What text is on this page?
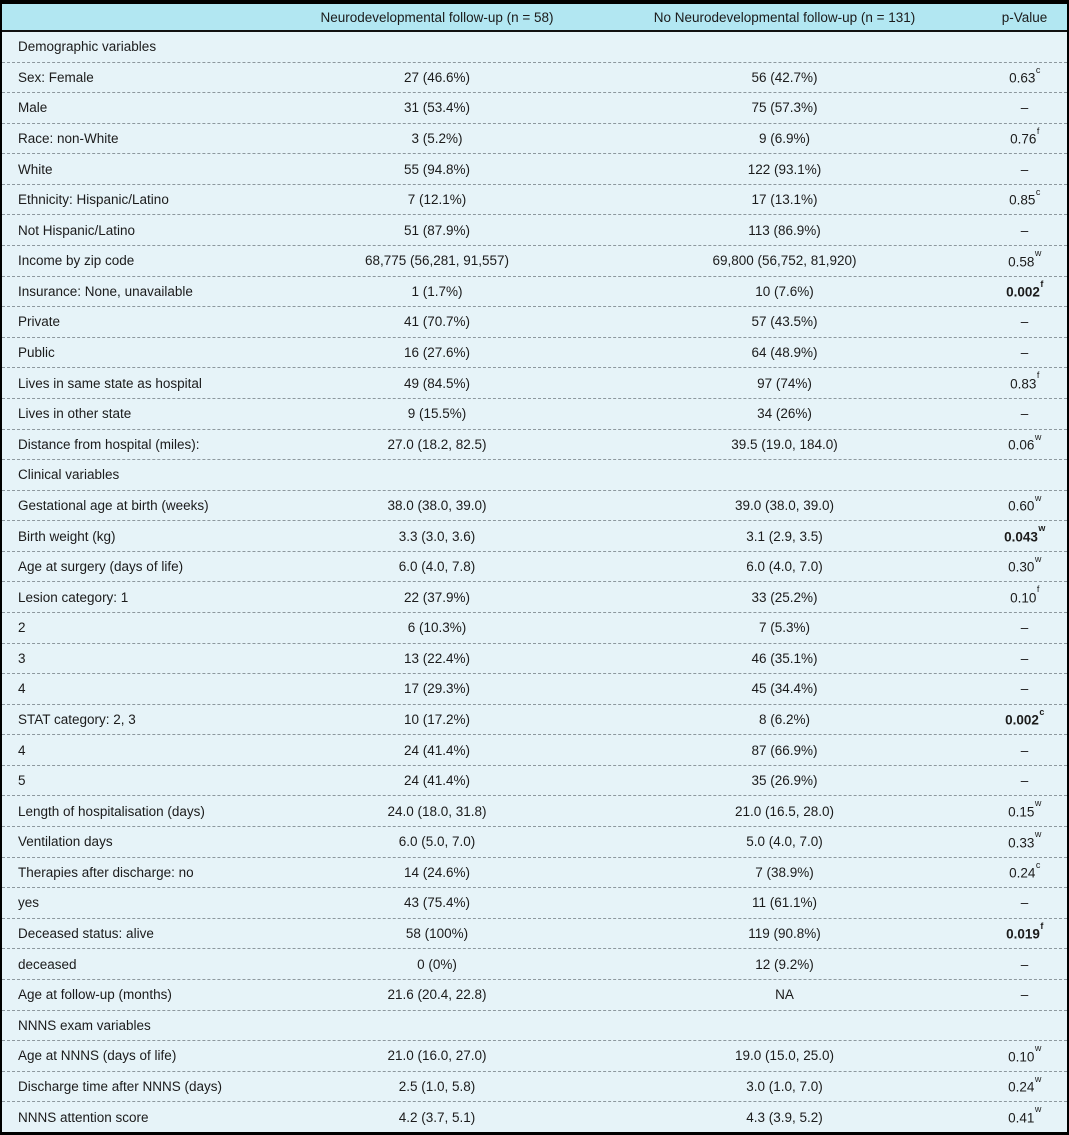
Neurodevelopmental follow-up (n = 58)	No Neurodevelopmental follow-up (n = 131)	p-Value
Demographic variables
Sex: Female	27 (46.6%)	56 (42.7%)	0.63$^c$
Male	31 (53.4%)	75 (57.3%)	–
Race: non-White	3 (5.2%)	9 (6.9%)	0.76$^f$
White	55 (94.8%)	122 (93.1%)	–
Ethnicity: Hispanic/Latino	7 (12.1%)	17 (13.1%)	0.85$^c$
Not Hispanic/Latino	51 (87.9%)	113 (86.9%)	–
Income by zip code	68,775 (56,281, 91,557)	69,800 (56,752, 81,920)	0.58$^w$
Insurance: None, unavailable	1 (1.7%)	10 (7.6%)	0.002$^f$
Private	41 (70.7%)	57 (43.5%)	–
Public	16 (27.6%)	64 (48.9%)	–
Lives in same state as hospital	49 (84.5%)	97 (74%)	0.83$^f$
Lives in other state	9 (15.5%)	34 (26%)	–
Distance from hospital (miles):	27.0 (18.2, 82.5)	39.5 (19.0, 184.0)	0.06$^w$
Clinical variables
Gestational age at birth (weeks)	38.0 (38.0, 39.0)	39.0 (38.0, 39.0)	0.60$^w$
Birth weight (kg)	3.3 (3.0, 3.6)	3.1 (2.9, 3.5)	0.043$^w$
Age at surgery (days of life)	6.0 (4.0, 7.8)	6.0 (4.0, 7.0)	0.30$^w$
Lesion category: 1	22 (37.9%)	33 (25.2%)	0.10$^f$
2	6 (10.3%)	7 (5.3%)	–
3	13 (22.4%)	46 (35.1%)	–
4	17 (29.3%)	45 (34.4%)	–
STAT category: 2, 3	10 (17.2%)	8 (6.2%)	0.002$^c$
4	24 (41.4%)	87 (66.9%)	–
5	24 (41.4%)	35 (26.9%)	–
Length of hospitalisation (days)	24.0 (18.0, 31.8)	21.0 (16.5, 28.0)	0.15$^w$
Ventilation days	6.0 (5.0, 7.0)	5.0 (4.0, 7.0)	0.33$^w$
Therapies after discharge: no	14 (24.6%)	7 (38.9%)	0.24$^c$
yes	43 (75.4%)	11 (61.1%)	–
Deceased status: alive	58 (100%)	119 (90.8%)	0.019$^f$
deceased	0 (0%)	12 (9.2%)	–
Age at follow-up (months)	21.6 (20.4, 22.8)	NA	–
NNNS exam variables
Age at NNNS (days of life)	21.0 (16.0, 27.0)	19.0 (15.0, 25.0)	0.10$^w$
Discharge time after NNNS (days)	2.5 (1.0, 5.8)	3.0 (1.0, 7.0)	0.24$^w$
NNNS attention score	4.2 (3.7, 5.1)	4.3 (3.9, 5.2)	0.41$^w$
